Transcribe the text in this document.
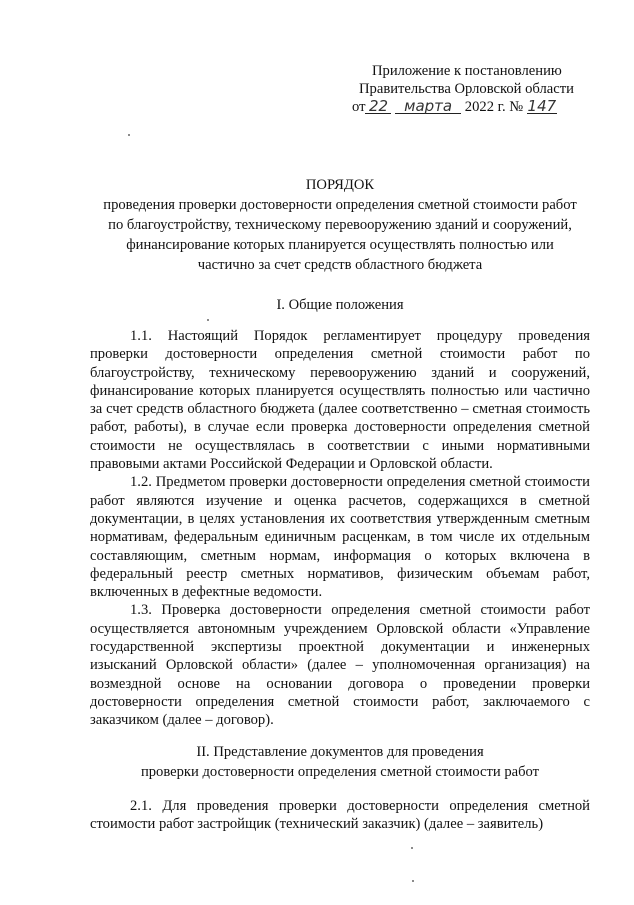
Приложение к постановлению
Правительства Орловской области
от 22 марта 2022 г. № 147
ПОРЯДОК
проведения проверки достоверности определения сметной стоимости работ
по благоустройству, техническому перевооружению зданий и сооружений,
финансирование которых планируется осуществлять полностью или
частично за счет средств областного бюджета
I. Общие положения

1.1. Настоящий Порядок регламентирует процедуру проведения проверки достоверности определения сметной стоимости работ по благоустройству, техническому перевооружению зданий и сооружений, финансирование которых планируется осуществлять полностью или частично за счет средств областного бюджета (далее соответственно – сметная стоимость работ, работы), в случае если проверка достоверности определения сметной стоимости не осуществлялась в соответствии с иными нормативными правовыми актами Российской Федерации и Орловской области.

1.2. Предметом проверки достоверности определения сметной стоимости работ являются изучение и оценка расчетов, содержащихся в сметной документации, в целях установления их соответствия утвержденным сметным нормативам, федеральным единичным расценкам, в том числе их отдельным составляющим, сметным нормам, информация о которых включена в федеральный реестр сметных нормативов, физическим объемам работ, включенных в дефектные ведомости.

1.3. Проверка достоверности определения сметной стоимости работ осуществляется автономным учреждением Орловской области «Управление государственной экспертизы проектной документации и инженерных изысканий Орловской области» (далее – уполномоченная организация) на возмездной основе на основании договора о проведении проверки достоверности определения сметной стоимости работ, заключаемого с заказчиком (далее – договор).

II. Представление документов для проведения
проверки достоверности определения сметной стоимости работ

2.1. Для проведения проверки достоверности определения сметной стоимости работ застройщик (технический заказчик) (далее – заявитель)
